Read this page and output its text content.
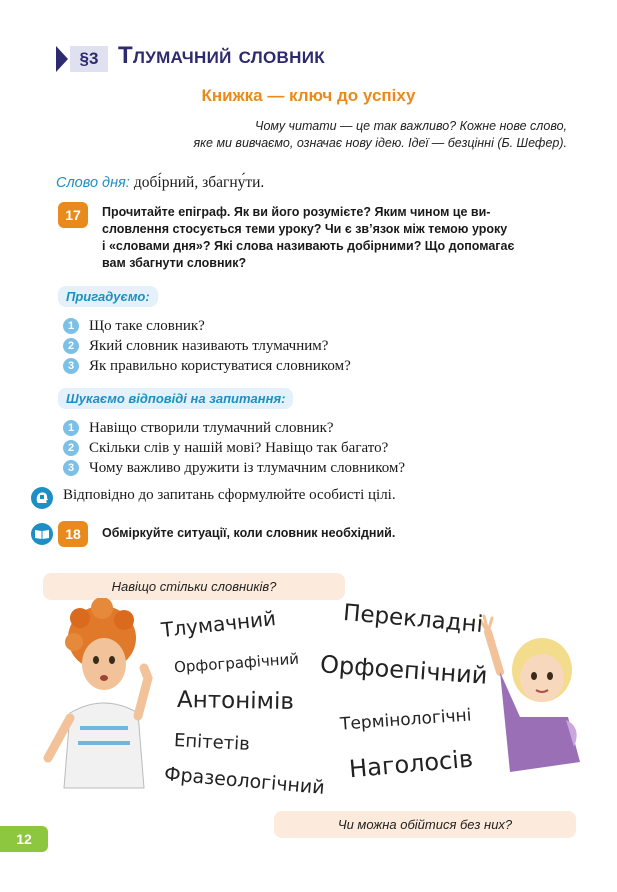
§3 Тлумачний словник
Книжка — ключ до успіху
Чому читати — це так важливо? Кожне нове слово,
яке ми вивчаємо, означає нову ідею. Ідеї — безцінні (Б. Шефер).
Слово дня: добі́рний, збагну́ти.
17	Прочитайте епіграф. Як ви його розумієте? Яким чином це ви-
словлення стосується теми уроку? Чи є зв’язок між темою уроку
і «словами дня»? Які слова називають добірними? Що допомагає
вам збагнути словник?
Пригадуємо:
1 Що таке словник?
2 Який словник називають тлумачним?
3 Як правильно користуватися словником?
Шукаємо відповіді на запитання:
1 Навіщо створили тлумачний словник?
2 Скільки слів у нашій мові? Навіщо так багато?
3 Чому важливо дружити із тлумачним словником?
Відповідно до запитань сформулюйте особисті цілі.
18	Обміркуйте ситуації, коли словник необхідний.
Навіщо стільки словників?
Тлумачний	Перекладні
Орфографічний Орфоепічний
Антонімів
Термінологічні
Епітетів
Наголосів
Фразеологічний
Чи можна обійтися без них?
12
